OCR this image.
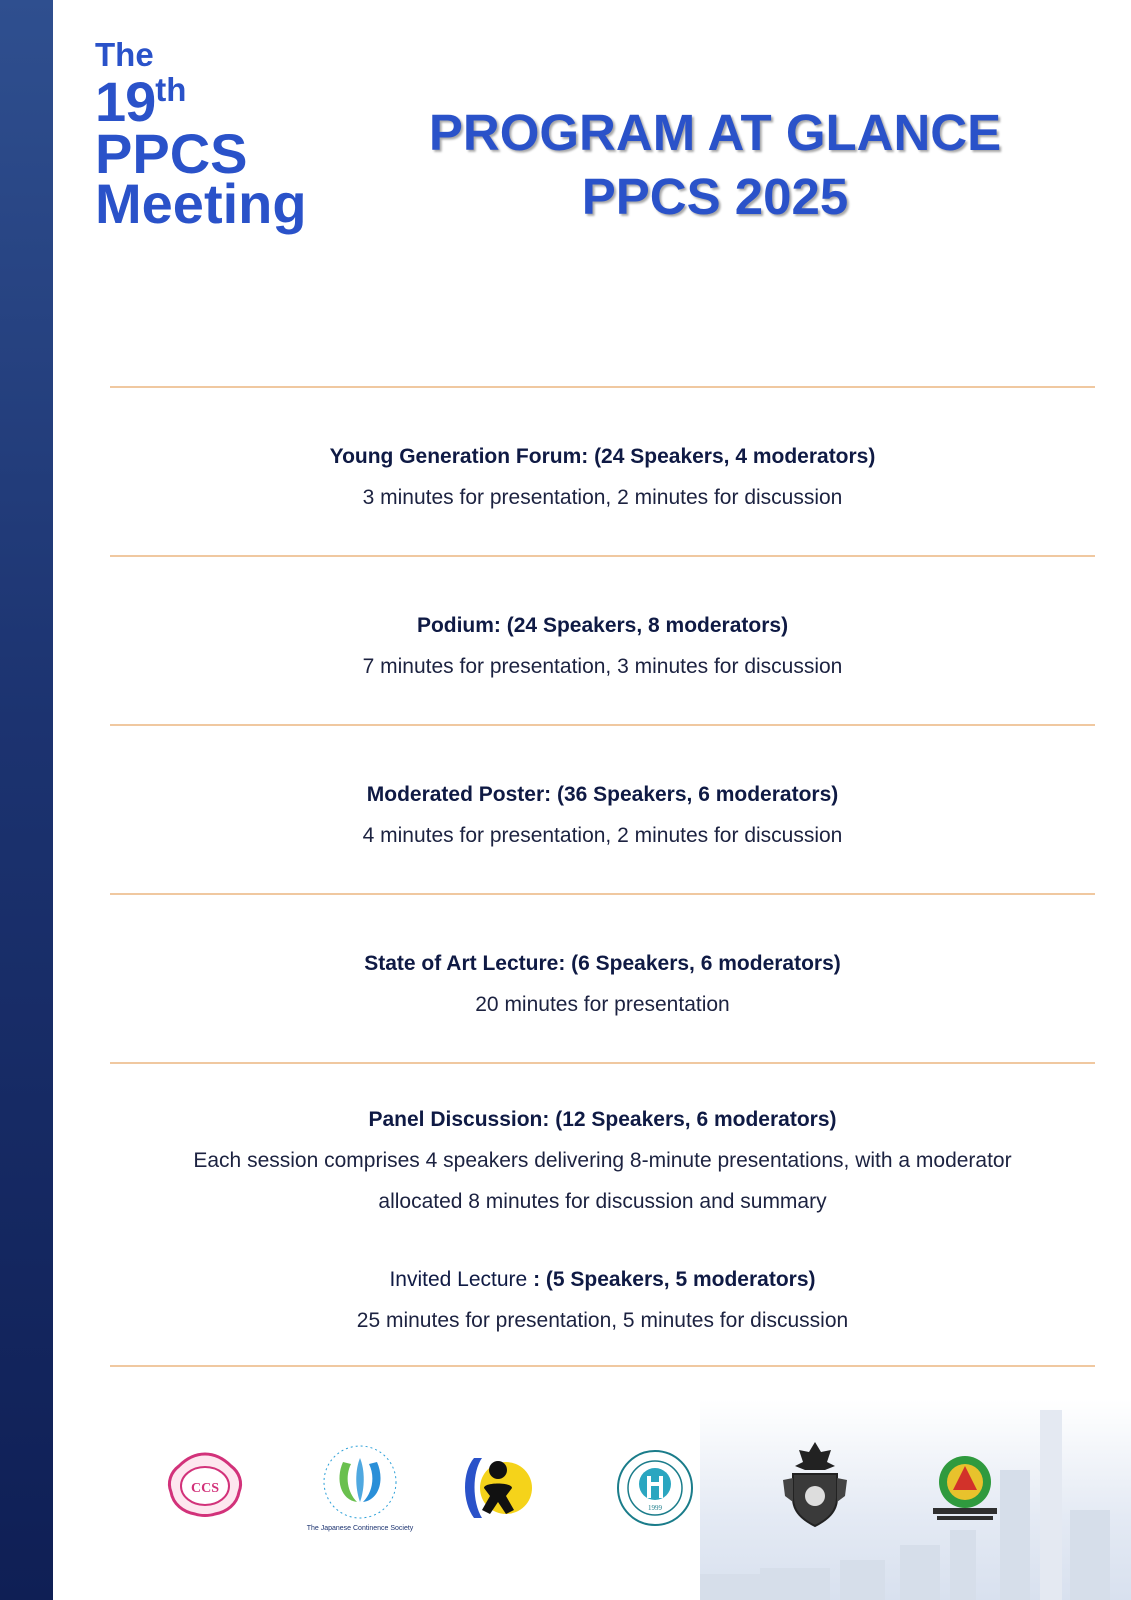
The
19th
PPCS
Meeting
PROGRAM AT GLANCE
PPCS 2025
Young Generation Forum: (24 Speakers, 4 moderators)
3 minutes for presentation, 2 minutes for discussion
Podium: (24 Speakers, 8 moderators)
7 minutes for presentation, 3 minutes for discussion
Moderated Poster: (36 Speakers, 6 moderators)
4 minutes for presentation, 2 minutes for discussion
State of Art Lecture: (6 Speakers, 6 moderators)
20 minutes for presentation
Panel Discussion: (12 Speakers, 6 moderators)
Each session comprises 4 speakers delivering 8-minute presentations, with a moderator
allocated 8 minutes for discussion and summary
Invited Lecture : (5 Speakers, 5 moderators)
25 minutes for presentation, 5 minutes for discussion
CCS
The Japanese Continence Society
1999
